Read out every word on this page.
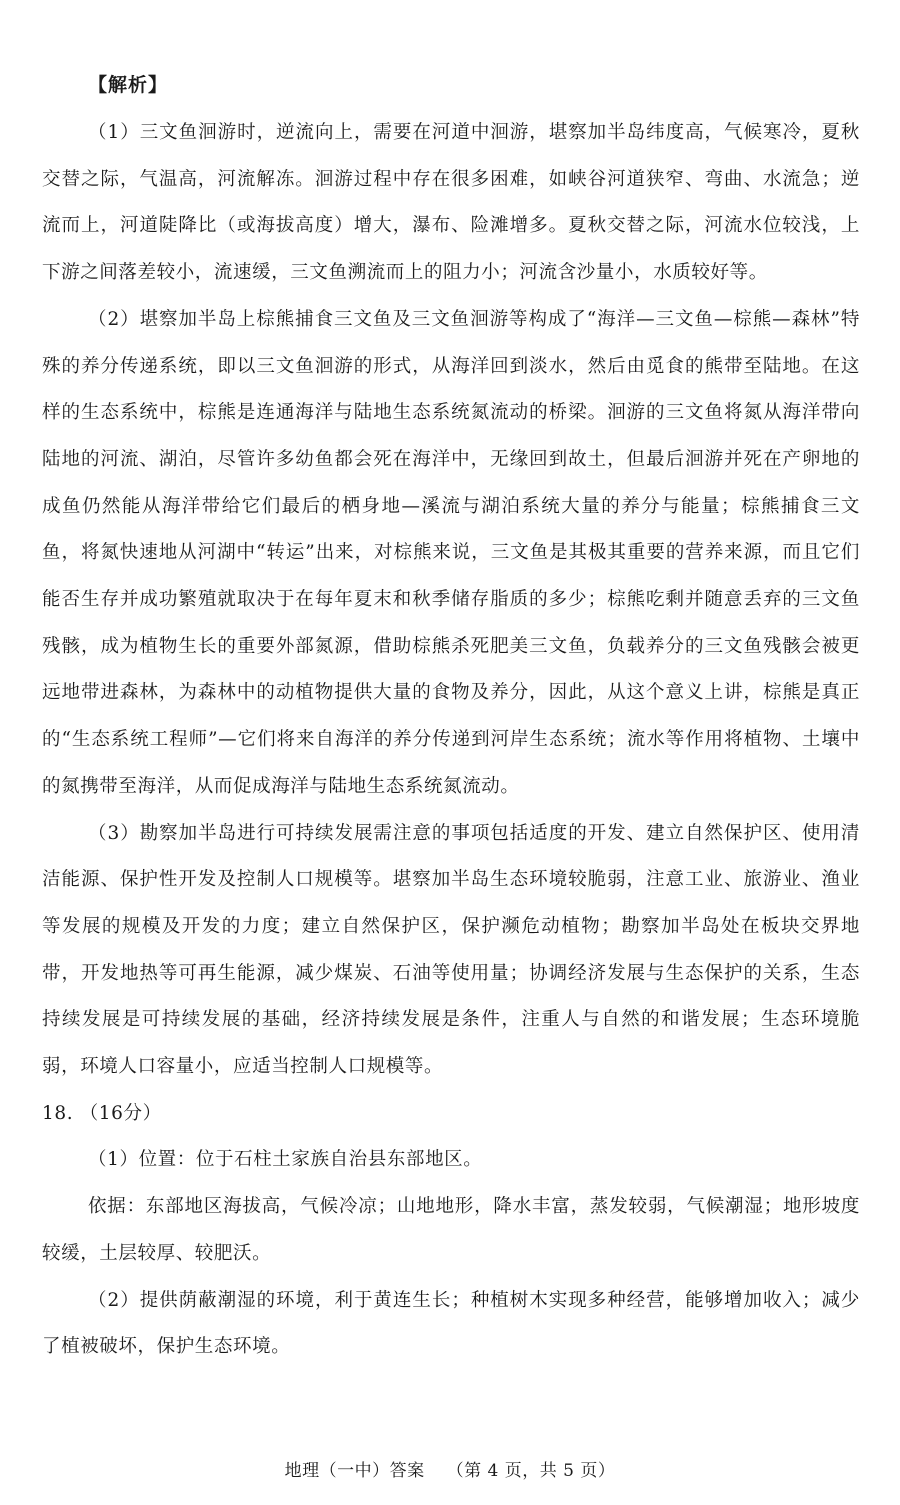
【解析】

（1）三文鱼洄游时，逆流向上，需要在河道中洄游，堪察加半岛纬度高，气候寒冷，夏秋交替之际，气温高，河流解冻。洄游过程中存在很多困难，如峡谷河道狭窄、弯曲、水流急；逆流而上，河道陡降比（或海拔高度）增大，瀑布、险滩增多。夏秋交替之际，河流水位较浅，上下游之间落差较小，流速缓，三文鱼溯流而上的阻力小；河流含沙量小，水质较好等。

（2）堪察加半岛上棕熊捕食三文鱼及三文鱼洄游等构成了“海洋—三文鱼—棕熊—森林”特殊的养分传递系统，即以三文鱼洄游的形式，从海洋回到淡水，然后由觅食的熊带至陆地。在这样的生态系统中，棕熊是连通海洋与陆地生态系统氮流动的桥梁。洄游的三文鱼将氮从海洋带向陆地的河流、湖泊，尽管许多幼鱼都会死在海洋中，无缘回到故土，但最后洄游并死在产卵地的成鱼仍然能从海洋带给它们最后的栖身地—溪流与湖泊系统大量的养分与能量；棕熊捕食三文鱼，将氮快速地从河湖中“转运”出来，对棕熊来说，三文鱼是其极其重要的营养来源，而且它们能否生存并成功繁殖就取决于在每年夏末和秋季储存脂质的多少；棕熊吃剩并随意丢弃的三文鱼残骸，成为植物生长的重要外部氮源，借助棕熊杀死肥美三文鱼，负载养分的三文鱼残骸会被更远地带进森林，为森林中的动植物提供大量的食物及养分，因此，从这个意义上讲，棕熊是真正的“生态系统工程师”—它们将来自海洋的养分传递到河岸生态系统；流水等作用将植物、土壤中的氮携带至海洋，从而促成海洋与陆地生态系统氮流动。

（3）勘察加半岛进行可持续发展需注意的事项包括适度的开发、建立自然保护区、使用清洁能源、保护性开发及控制人口规模等。堪察加半岛生态环境较脆弱，注意工业、旅游业、渔业等发展的规模及开发的力度；建立自然保护区，保护濒危动植物；勘察加半岛处在板块交界地带，开发地热等可再生能源，减少煤炭、石油等使用量；协调经济发展与生态保护的关系，生态持续发展是可持续发展的基础，经济持续发展是条件，注重人与自然的和谐发展；生态环境脆弱，环境人口容量小，应适当控制人口规模等。

18. （16分）

（1）位置：位于石柱土家族自治县东部地区。

依据：东部地区海拔高，气候冷凉；山地地形，降水丰富，蒸发较弱，气候潮湿；地形坡度较缓，土层较厚、较肥沃。

（2）提供荫蔽潮湿的环境，利于黄连生长；种植树木实现多种经营，能够增加收入；减少了植被破坏，保护生态环境。

地理（一中）答案 （第 4 页，共 5 页）
